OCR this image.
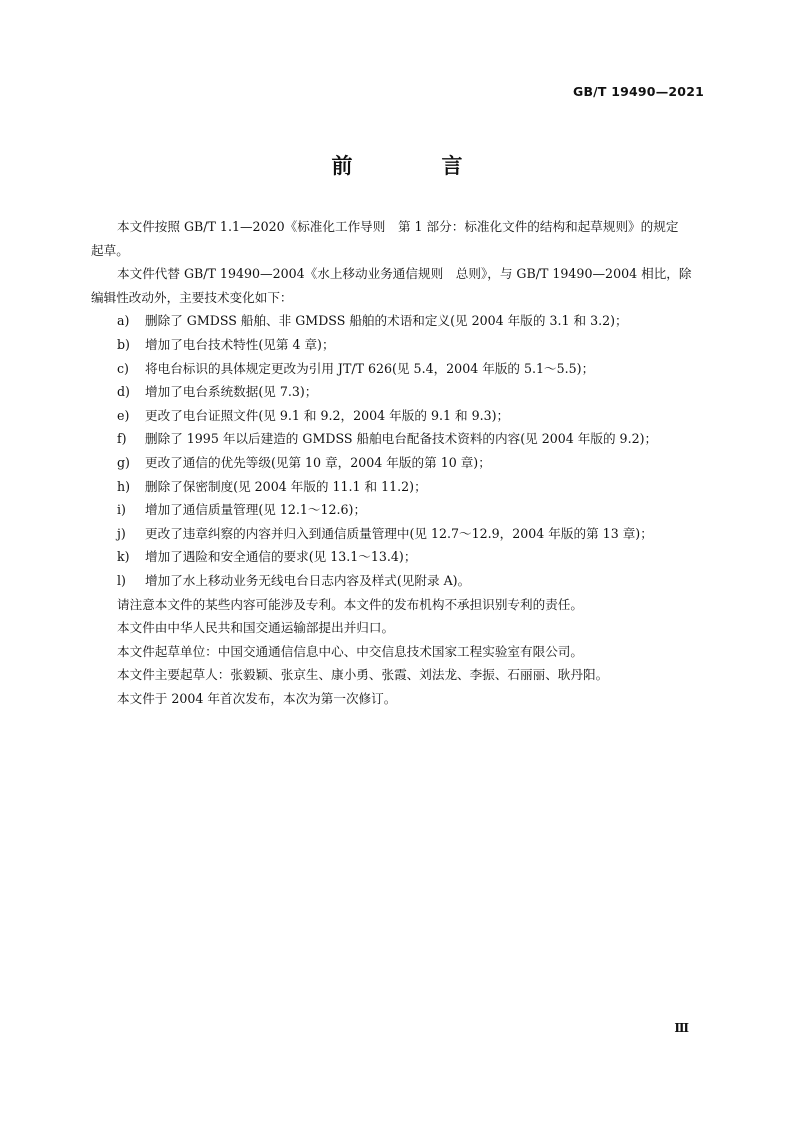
GB/T 19490—2021
前　言

本文件按照 GB/T 1.1—2020《标准化工作导则　第 1 部分：标准化文件的结构和起草规则》的规定
起草。

本文件代替 GB/T 19490—2004《水上移动业务通信规则　总则》，与 GB/T 19490—2004 相比，除
编辑性改动外，主要技术变化如下：

a)	删除了 GMDSS 船舶、非 GMDSS 船舶的术语和定义(见 2004 年版的 3.1 和 3.2)；
b)	增加了电台技术特性(见第 4 章)；
c)	将电台标识的具体规定更改为引用 JT/T 626(见 5.4，2004 年版的 5.1～5.5)；
d)	增加了电台系统数据(见 7.3)；
e)	更改了电台证照文件(见 9.1 和 9.2，2004 年版的 9.1 和 9.3)；
f)	删除了 1995 年以后建造的 GMDSS 船舶电台配备技术资料的内容(见 2004 年版的 9.2)；
g)	更改了通信的优先等级(见第 10 章，2004 年版的第 10 章)；
h)	删除了保密制度(见 2004 年版的 11.1 和 11.2)；
i)	增加了通信质量管理(见 12.1～12.6)；
j)	更改了违章纠察的内容并归入到通信质量管理中(见 12.7～12.9，2004 年版的第 13 章)；
k)	增加了遇险和安全通信的要求(见 13.1～13.4)；
l)	增加了水上移动业务无线电台日志内容及样式(见附录 A)。

请注意本文件的某些内容可能涉及专利。本文件的发布机构不承担识别专利的责任。

本文件由中华人民共和国交通运输部提出并归口。

本文件起草单位：中国交通通信信息中心、中交信息技术国家工程实验室有限公司。

本文件主要起草人：张毅颖、张京生、康小勇、张霞、刘法龙、李振、石丽丽、耿丹阳。

本文件于 2004 年首次发布，本次为第一次修订。

Ⅲ
